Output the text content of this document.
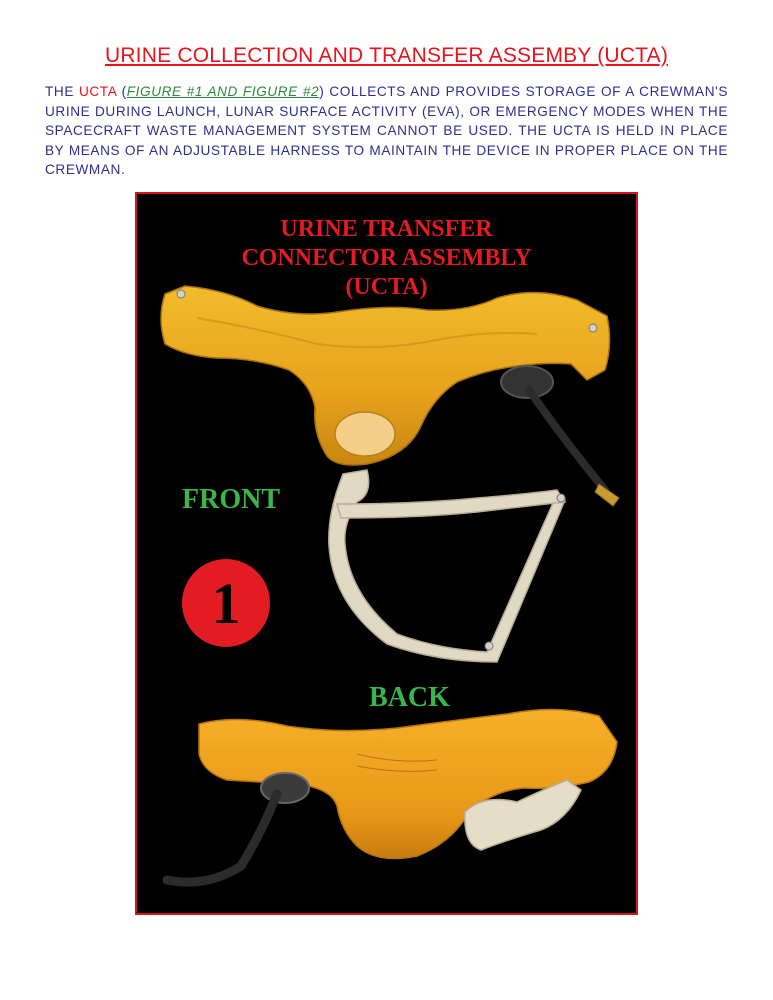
URINE COLLECTION AND TRANSFER ASSEMBY (UCTA)
THE UCTA (FIGURE #1 AND FIGURE #2) COLLECTS AND PROVIDES STORAGE OF A CREWMAN'S URINE DURING LAUNCH, LUNAR SURFACE ACTIVITY (EVA), OR EMERGENCY MODES WHEN THE SPACECRAFT WASTE MANAGEMENT SYSTEM CANNOT BE USED. THE UCTA IS HELD IN PLACE BY MEANS OF AN ADJUSTABLE HARNESS TO MAINTAIN THE DEVICE IN PROPER PLACE ON THE CREWMAN.
URINE TRANSFER
CONNECTOR ASSEMBLY
(UCTA)
FRONT
1
BACK
